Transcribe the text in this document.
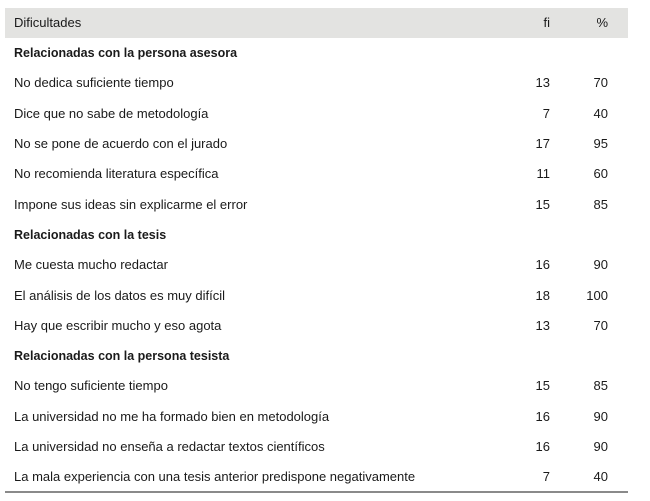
Dificultades	fi	%
Relacionadas con la persona asesora		
No dedica suficiente tiempo	13	70
Dice que no sabe de metodología	7	40
No se pone de acuerdo con el jurado	17	95
No recomienda literatura específica	11	60
Impone sus ideas sin explicarme el error	15	85
Relacionadas con la tesis		
Me cuesta mucho redactar	16	90
El análisis de los datos es muy difícil	18	100
Hay que escribir mucho y eso agota	13	70
Relacionadas con la persona tesista		
No tengo suficiente tiempo	15	85
La universidad no me ha formado bien en metodología	16	90
La universidad no enseña a redactar textos científicos	16	90
La mala experiencia con una tesis anterior predispone negativamente	7	40
